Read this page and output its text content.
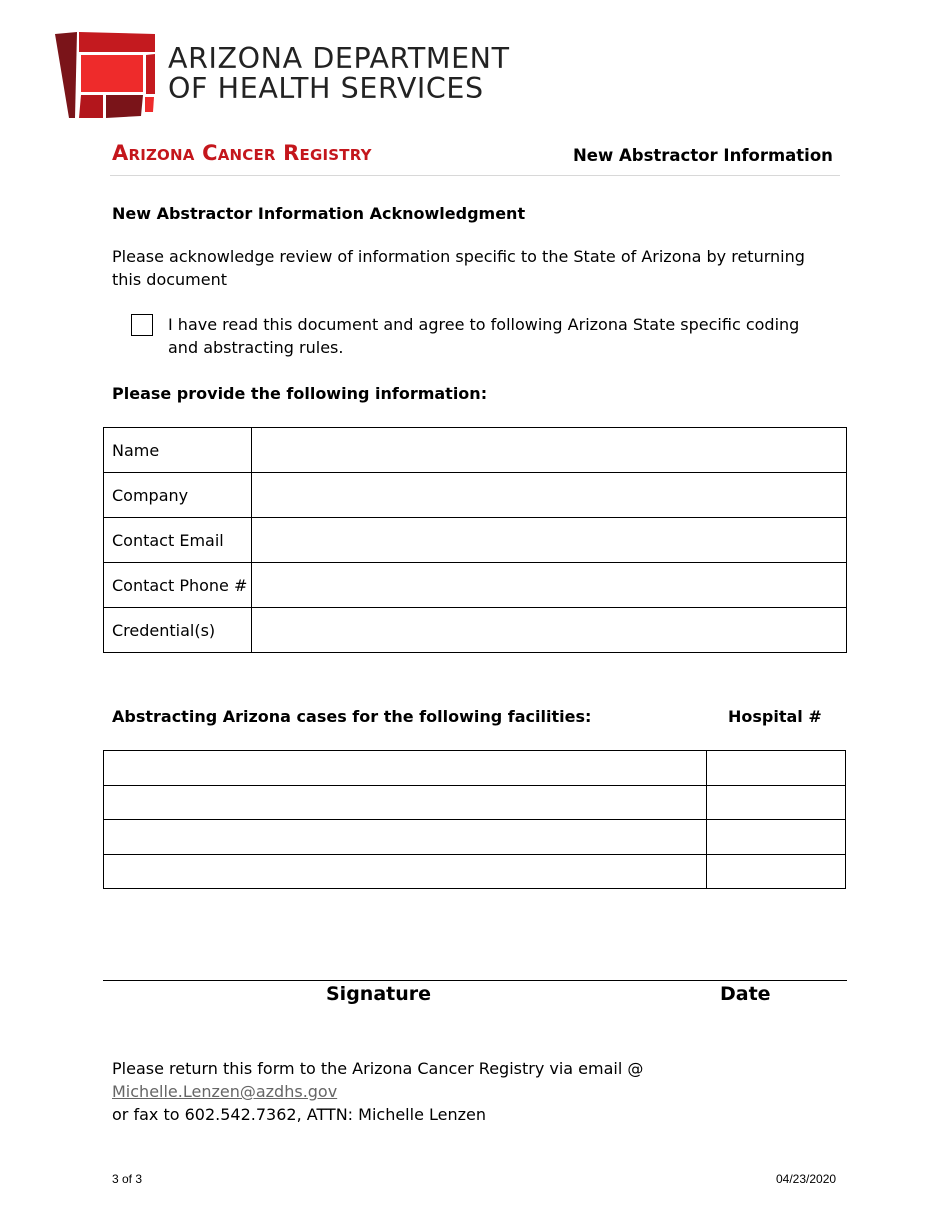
ARIZONA DEPARTMENT
OF HEALTH SERVICES
Arizona Cancer Registry	New Abstractor Information
New Abstractor Information Acknowledgment
Please acknowledge review of information specific to the State of Arizona by returning this document
I have read this document and agree to following Arizona State specific coding and abstracting rules.
Please provide the following information:
Name	
Company	
Contact Email	
Contact Phone #	
Credential(s)	
Abstracting Arizona cases for the following facilities:	Hospital #

Signature	Date
Please return this form to the Arizona Cancer Registry via email @ Michelle.Lenzen@azdhs.gov
or fax to 602.542.7362, ATTN: Michelle Lenzen
3 of 3	04/23/2020
